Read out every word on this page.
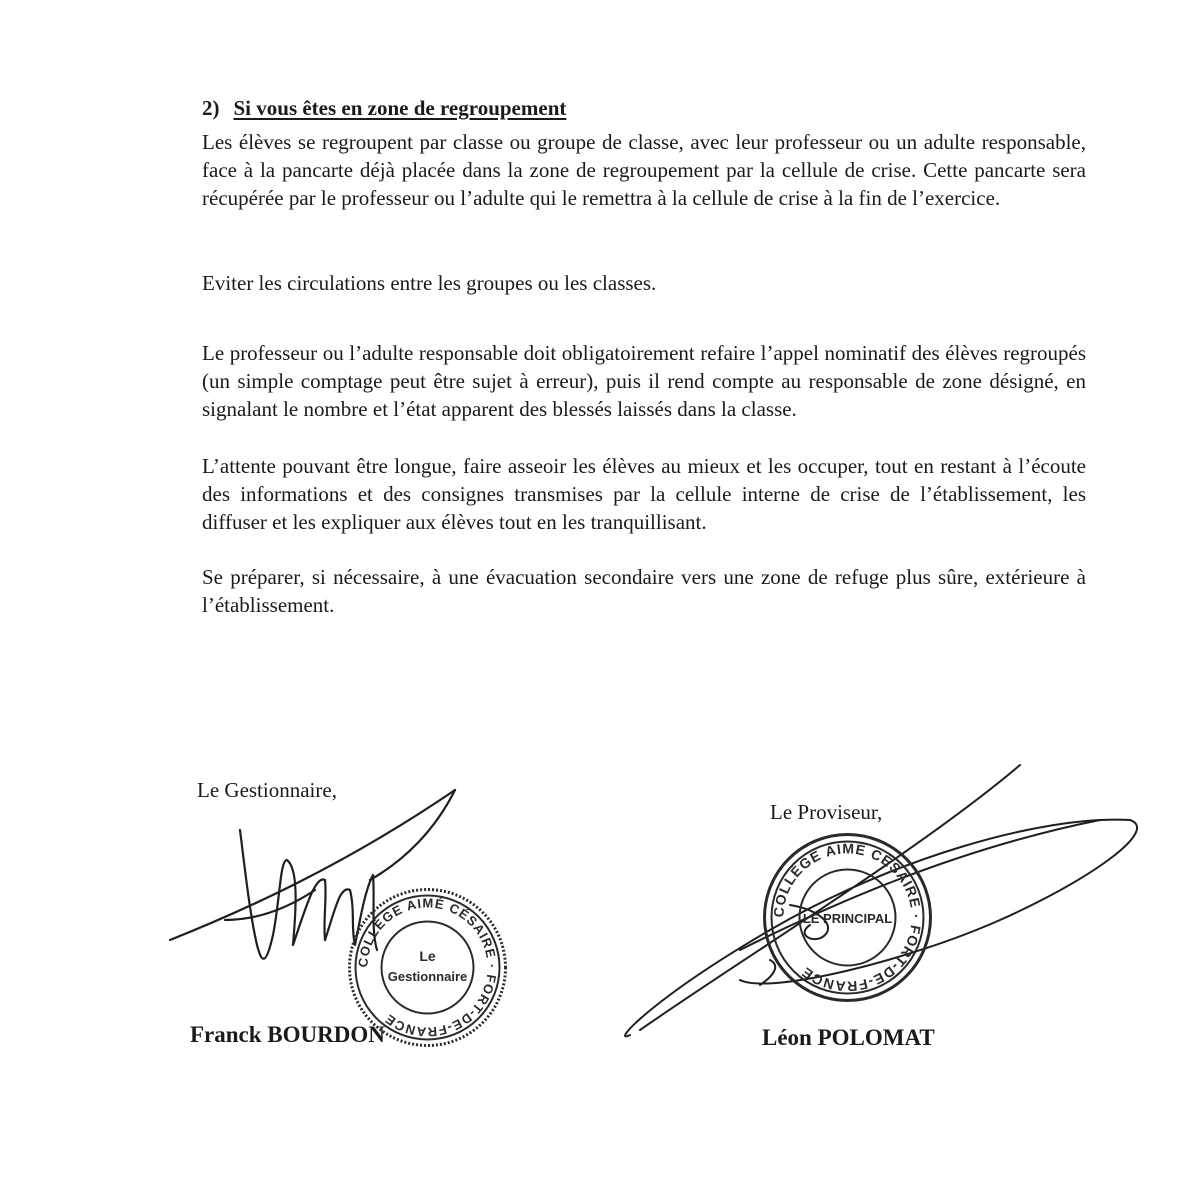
2) Si vous êtes en zone de regroupement

Les élèves se regroupent par classe ou groupe de classe, avec leur professeur ou un adulte responsable, face à la pancarte déjà placée dans la zone de regroupement par la cellule de crise. Cette pancarte sera récupérée par le professeur ou l’adulte qui le remettra à la cellule de crise à la fin de l’exercice.

Eviter les circulations entre les groupes ou les classes.

Le professeur ou l’adulte responsable doit obligatoirement refaire l’appel nominatif des élèves regroupés (un simple comptage peut être sujet à erreur), puis il rend compte au responsable de zone désigné, en signalant le nombre et l’état apparent des blessés laissés dans la classe.

L’attente pouvant être longue, faire asseoir les élèves au mieux et les occuper, tout en restant à l’écoute des informations et des consignes transmises par la cellule interne de crise de l’établissement, les diffuser et les expliquer aux élèves tout en les tranquillisant.

Se préparer, si nécessaire, à une évacuation secondaire vers une zone de refuge plus sûre, extérieure à l’établissement.

Le Gestionnaire,
COLLÈGE AIMÉ CÉSAIRE · FORT-DE-FRANCE
Le
Gestionnaire
Franck BOURDON
Le Proviseur,
COLLÈGE AIMÉ CÉSAIRE · FORT-DE-FRANCE
LE PRINCIPAL
Léon POLOMAT
